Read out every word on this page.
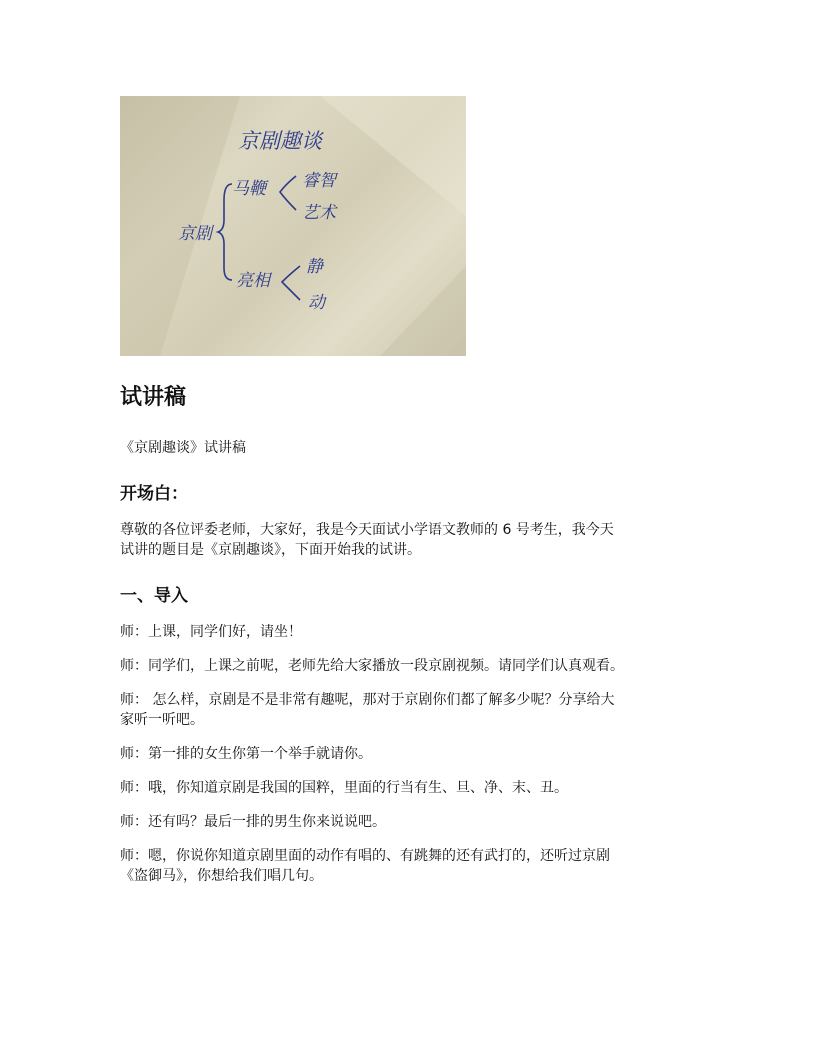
京剧趣谈
京剧
马鞭 睿智
艺术
亮相
静
动
试讲稿
《京剧趣谈》试讲稿
开场白：
尊敬的各位评委老师，大家好，我是今天面试小学语文教师的 6 号考生，我今天
试讲的题目是《京剧趣谈》，下面开始我的试讲。
一、导入
师：上课，同学们好，请坐！
师：同学们，上课之前呢，老师先给大家播放一段京剧视频。请同学们认真观看。
师： 怎么样，京剧是不是非常有趣呢，那对于京剧你们都了解多少呢？分享给大
家听一听吧。
师：第一排的女生你第一个举手就请你。
师：哦，你知道京剧是我国的国粹，里面的行当有生、旦、净、末、丑。
师：还有吗？最后一排的男生你来说说吧。
师：嗯，你说你知道京剧里面的动作有唱的、有跳舞的还有武打的，还听过京剧
《盗御马》，你想给我们唱几句。
